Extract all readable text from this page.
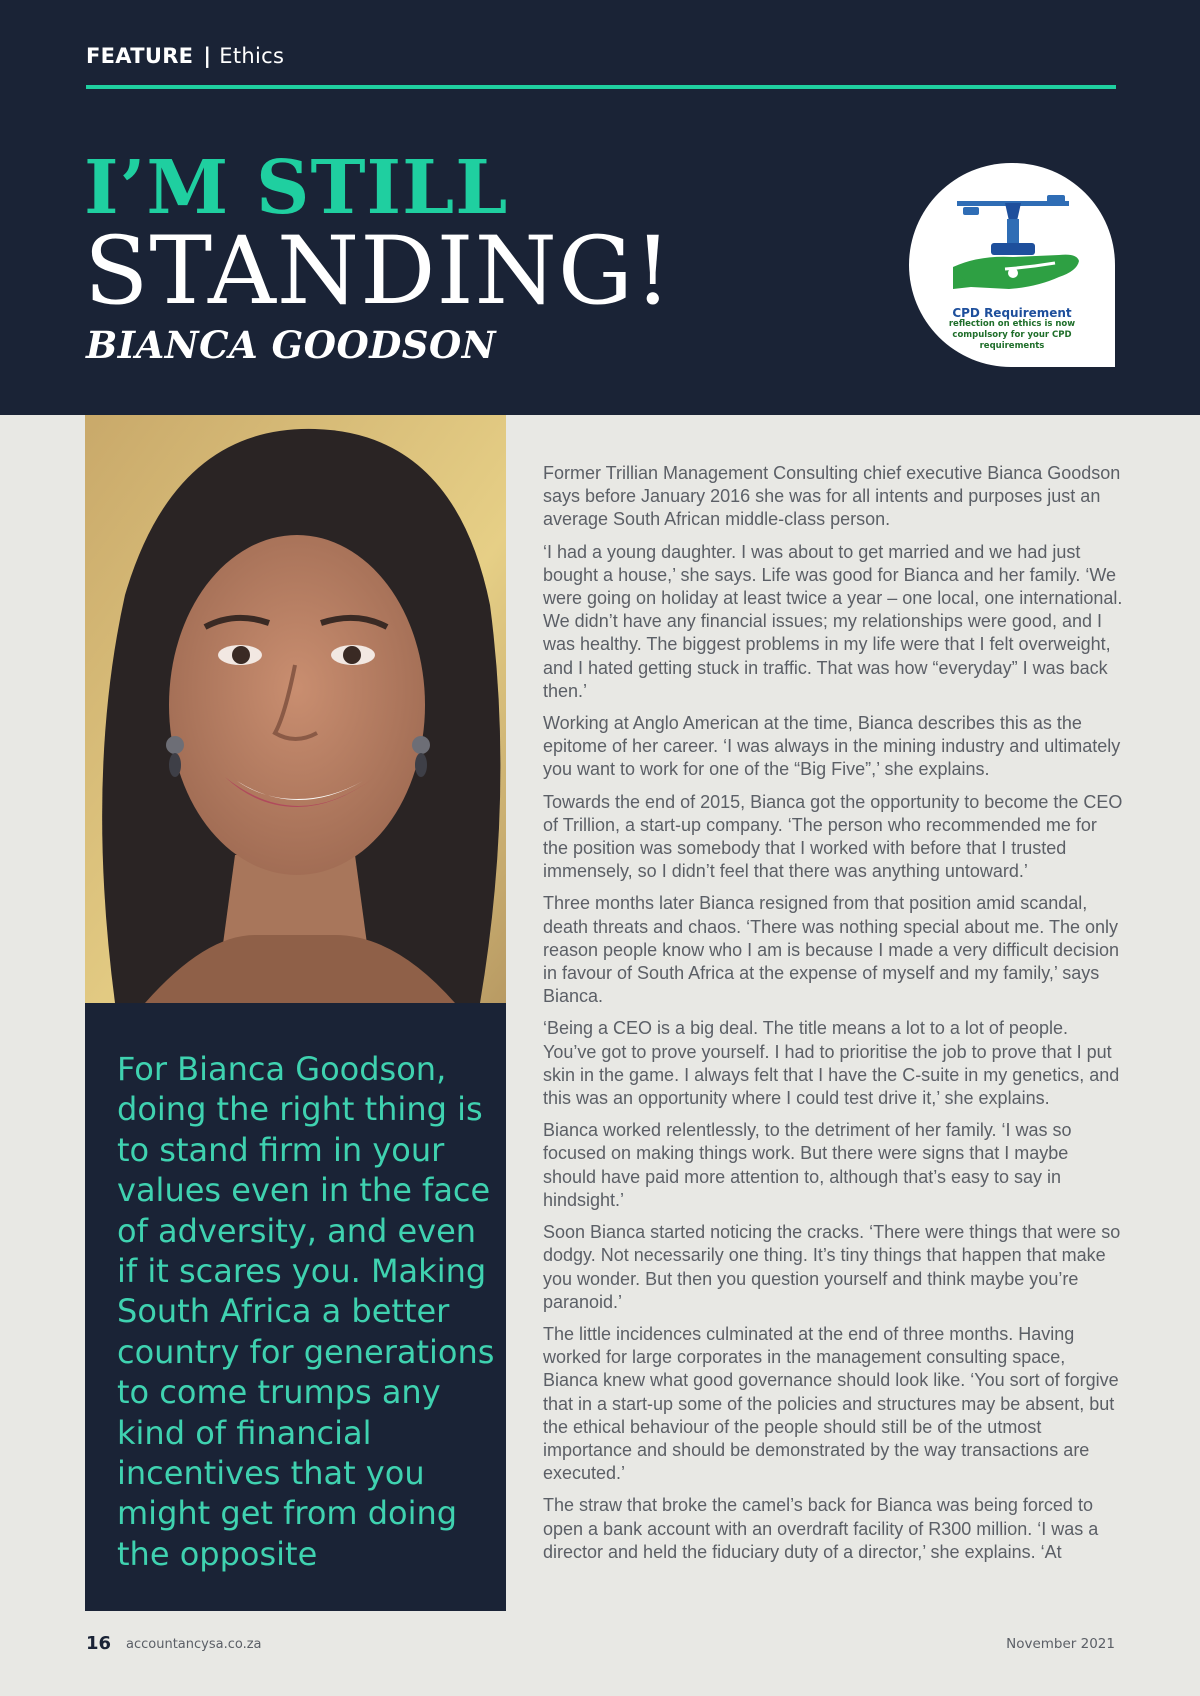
FEATURE | Ethics
I’M STILL
STANDING!
BIANCA GOODSON
CPD Requirement
reflection on ethics is now compulsory for your CPD requirements
For Bianca Goodson, doing the right thing is to stand firm in your values even in the face of adversity, and even if it scares you. Making South Africa a better country for generations to come trumps any kind of financial incentives that you might get from doing the opposite

Former Trillian Management Consulting chief executive Bianca Goodson says before January 2016 she was for all intents and purposes just an average South African middle-class person.

‘I had a young daughter. I was about to get married and we had just bought a house,’ she says. Life was good for Bianca and her family. ‘We were going on holiday at least twice a year – one local, one international. We didn’t have any financial issues; my relationships were good, and I was healthy. The biggest problems in my life were that I felt overweight, and I hated getting stuck in traffic. That was how “everyday” I was back then.’

Working at Anglo American at the time, Bianca describes this as the epitome of her career. ‘I was always in the mining industry and ultimately you want to work for one of the “Big Five”,’ she explains.

Towards the end of 2015, Bianca got the opportunity to become the CEO of Trillion, a start-up company. ‘The person who recommended me for the position was somebody that I worked with before that I trusted immensely, so I didn’t feel that there was anything untoward.’

Three months later Bianca resigned from that position amid scandal, death threats and chaos. ‘There was nothing special about me. The only reason people know who I am is because I made a very difficult decision in favour of South Africa at the expense of myself and my family,’ says Bianca.

‘Being a CEO is a big deal. The title means a lot to a lot of people. You’ve got to prove yourself. I had to prioritise the job to prove that I put skin in the game. I always felt that I have the C-suite in my genetics, and this was an opportunity where I could test drive it,’ she explains.

Bianca worked relentlessly, to the detriment of her family. ‘I was so focused on making things work. But there were signs that I maybe should have paid more attention to, although that’s easy to say in hindsight.’

Soon Bianca started noticing the cracks. ‘There were things that were so dodgy. Not necessarily one thing. It’s tiny things that happen that make you wonder. But then you question yourself and think maybe you’re paranoid.’

The little incidences culminated at the end of three months. Having worked for large corporates in the management consulting space, Bianca knew what good governance should look like. ‘You sort of forgive that in a start-up some of the policies and structures may be absent, but the ethical behaviour of the people should still be of the utmost importance and should be demonstrated by the way transactions are executed.’

The straw that broke the camel’s back for Bianca was being forced to open a bank account with an overdraft facility of R300 million. ‘I was a director and held the fiduciary duty of a director,’ she explains. ‘At

16 accountancysa.co.za	November 2021
